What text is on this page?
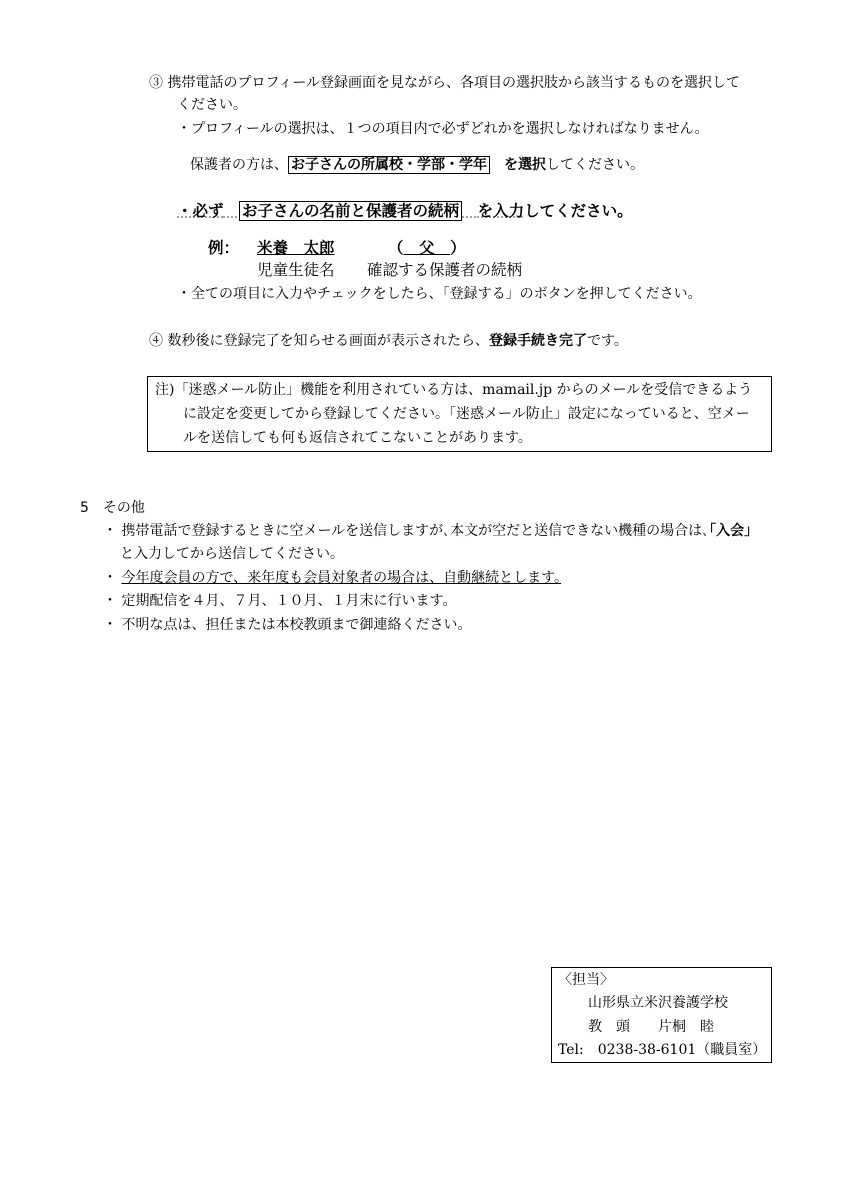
③ 携帯電話のプロフィール登録画面を見ながら、各項目の選択肢から該当するものを選択して
ください。
・プロフィールの選択は、１つの項目内で必ずどれかを選択しなければなりません。
保護者の方は、 お子さんの所属校・学部・学年　 を選択してください。
・必ず　 お子さんの名前と保護者の続柄　 を入力してください。
例： 米養　太郎	（　 父　 ）
児童生徒名 確認する保護者の続柄
・全ての項目に入力やチェックをしたら、「登録する」のボタンを押してください。
④ 数秒後に登録完了を知らせる画面が表示されたら、登録手続き完了です。
注)「迷惑メール防止」機能を利用されている方は、mamail.jp からのメールを受信できるよう
に設定を変更してから登録してください。「迷惑メール防止」設定になっていると、空メー
ルを送信しても何も返信されてこないことがあります。
5　 その他
・ 携帯電話で登録するときに空メールを送信しますが､本文が空だと送信できない機種の場合は､｢入会｣
と入力してから送信してください。
・ 今年度会員の方で、来年度も会員対象者の場合は、自動継続とします。　
・ 定期配信を４月、７月、１０月、１月末に行います。
・ 不明な点は、担任または本校教頭まで御連絡ください。
〈担当〉
山形県立米沢養護学校
教　頭　　片桐　睦
Tel:　0238-38-6101（職員室）
